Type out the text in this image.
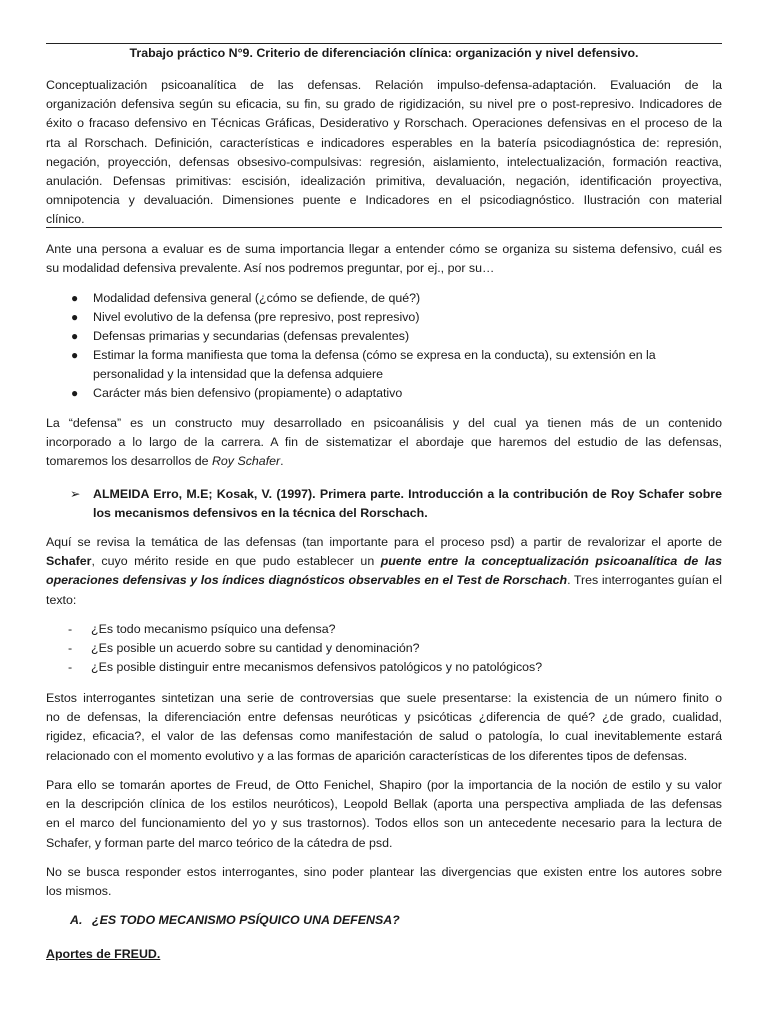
Trabajo práctico N°9. Criterio de diferenciación clínica: organización y nivel defensivo.
Conceptualización psicoanalítica de las defensas. Relación impulso-defensa-adaptación. Evaluación de la
organización defensiva según su eficacia, su fin, su grado de rigidización, su nivel pre o post-represivo. Indicadores de
éxito o fracaso defensivo en Técnicas Gráficas, Desiderativo y Rorschach. Operaciones defensivas en el proceso de la
rta al Rorschach. Definición, características e indicadores esperables en la batería psicodiagnóstica de: represión,
negación, proyección, defensas obsesivo-compulsivas: regresión, aislamiento, intelectualización, formación reactiva,
anulación. Defensas primitivas: escisión, idealización primitiva, devaluación, negación, identificación proyectiva,
omnipotencia y devaluación. Dimensiones puente e Indicadores en el psicodiagnóstico. Ilustración con material
clínico.
Ante una persona a evaluar es de suma importancia llegar a entender cómo se organiza su sistema defensivo, cuál es
su modalidad defensiva prevalente. Así nos podremos preguntar, por ej., por su…
● Modalidad defensiva general (¿cómo se defiende, de qué?)
● Nivel evolutivo de la defensa (pre represivo, post represivo)
● Defensas primarias y secundarias (defensas prevalentes)
● Estimar la forma manifiesta que toma la defensa (cómo se expresa en la conducta), su extensión en la personalidad y la intensidad que la defensa adquiere
● Carácter más bien defensivo (propiamente) o adaptativo
La “defensa” es un constructo muy desarrollado en psicoanálisis y del cual ya tienen más de un contenido
incorporado a lo largo de la carrera. A fin de sistematizar el abordaje que haremos del estudio de las defensas,
tomaremos los desarrollos de Roy Schafer.
➢	ALMEIDA Erro, M.E; Kosak, V. (1997). Primera parte. Introducción a la contribución de Roy Schafer sobre
los mecanismos defensivos en la técnica del Rorschach.
Aquí se revisa la temática de las defensas (tan importante para el proceso psd) a partir de revalorizar el aporte de
Schafer, cuyo mérito reside en que pudo establecer un puente entre la conceptualización psicoanalítica de las
operaciones defensivas y los índices diagnósticos observables en el Test de Rorschach. Tres interrogantes guían el
texto:
- ¿Es todo mecanismo psíquico una defensa?
- ¿Es posible un acuerdo sobre su cantidad y denominación?
- ¿Es posible distinguir entre mecanismos defensivos patológicos y no patológicos?
Estos interrogantes sintetizan una serie de controversias que suele presentarse: la existencia de un número finito o
no de defensas, la diferenciación entre defensas neuróticas y psicóticas ¿diferencia de qué? ¿de grado, cualidad,
rigidez, eficacia?, el valor de las defensas como manifestación de salud o patología, lo cual inevitablemente estará
relacionado con el momento evolutivo y a las formas de aparición características de los diferentes tipos de defensas.
Para ello se tomarán aportes de Freud, de Otto Fenichel, Shapiro (por la importancia de la noción de estilo y su valor
en la descripción clínica de los estilos neuróticos), Leopold Bellak (aporta una perspectiva ampliada de las defensas
en el marco del funcionamiento del yo y sus trastornos). Todos ellos son un antecedente necesario para la lectura de
Schafer, y forman parte del marco teórico de la cátedra de psd.
No se busca responder estos interrogantes, sino poder plantear las divergencias que existen entre los autores sobre
los mismos.
A. ¿ES TODO MECANISMO PSÍQUICO UNA DEFENSA?
Aportes de FREUD.
